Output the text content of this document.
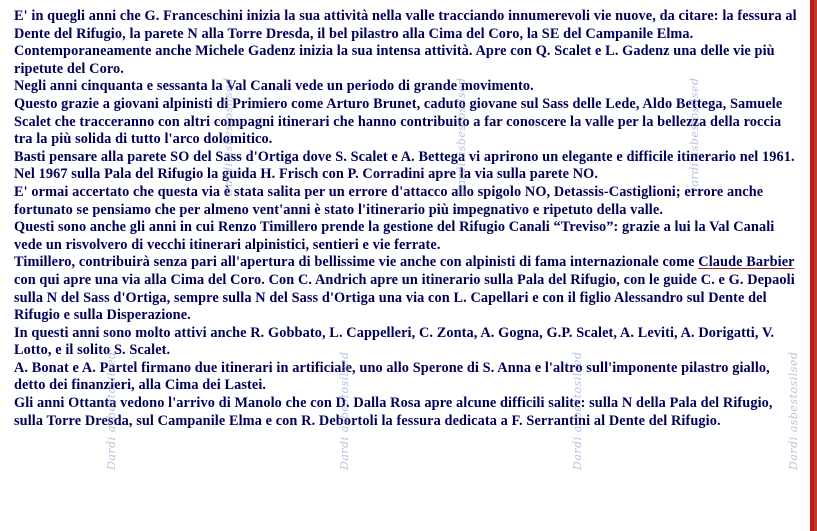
E' in quegli anni che G. Franceschini inizia la sua attività nella valle tracciando innumerevoli vie nuove, da citare: la fessura al Dente del Rifugio, la parete N alla Torre Dresda, il bel pilastro alla Cima del Coro, la SE del Campanile Elma.

Contemporaneamente anche Michele Gadenz inizia la sua intensa attività. Apre con Q. Scalet e L. Gadenz una delle vie più ripetute del Coro.

Negli anni cinquanta e sessanta la Val Canali vede un periodo di grande movimento.

Questo grazie a giovani alpinisti di Primiero come Arturo Brunet, caduto giovane sul Sass delle Lede, Aldo Bettega, Samuele Scalet che tracceranno con altri compagni itinerari che hanno contribuito a far conoscere la valle per la bellezza della roccia tra la più solida di tutto l'arco dolomitico.

Basti pensare alla parete SO del Sass d'Ortiga dove S. Scalet e A. Bettega vi aprirono un elegante e difficile itinerario nel 1961.

Nel 1967 sulla Pala del Rifugio la guida H. Frisch con P. Corradini apre la via sulla parete NO.

E' ormai accertato che questa via è stata salita per un errore d'attacco allo spigolo NO, Detassis-Castiglioni; errore anche fortunato se pensiamo che per almeno vent'anni è stato l'itinerario più impegnativo e ripetuto della valle.

Questi sono anche gli anni in cui Renzo Timillero prende la gestione del Rifugio Canali “Treviso”: grazie a lui la Val Canali vede un risvolvero di vecchi itinerari alpinistici, sentieri e vie ferrate.

Timillero, contribuirà senza pari all'apertura di bellissime vie anche con alpinisti di fama internazionale come Claude Barbier con qui apre una via alla Cima del Coro. Con C. Andrich apre un itinerario sulla Pala del Rifugio, con le guide C. e G. Depaoli sulla N del Sass d'Ortiga, sempre sulla N del Sass d'Ortiga una via con L. Capellari e con il figlio Alessandro sul Dente del Rifugio e sulla Disperazione.

In questi anni sono molto attivi anche R. Gobbato, L. Cappelleri, C. Zonta, A. Gogna, G.P. Scalet, A. Leviti, A. Dorigatti, V. Lotto, e il solito S. Scalet.

A. Bonat e A. Partel firmano due itinerari in artificiale, uno allo Sperone di S. Anna e l'altro sull'imponente pilastro giallo, detto dei finanzieri, alla Cima dei Lastei.

Gli anni Ottanta vedono l'arrivo di Manolo che con D. Dalla Rosa apre alcune difficili salite: sulla N della Pala del Rifugio, sulla Torre Dresda, sul Campanile Elma e con R. Debortoli la fessura dedicata a F. Serrantini al Dente del Rifugio.

Dardi asbestosilsed	Dardi asbestosilsed	Dardi asbestosilsed
Dardi asbestosilsed	Dardi asbestosilsed	Dardi asbestosilsed	Dardi asbestosilsed
